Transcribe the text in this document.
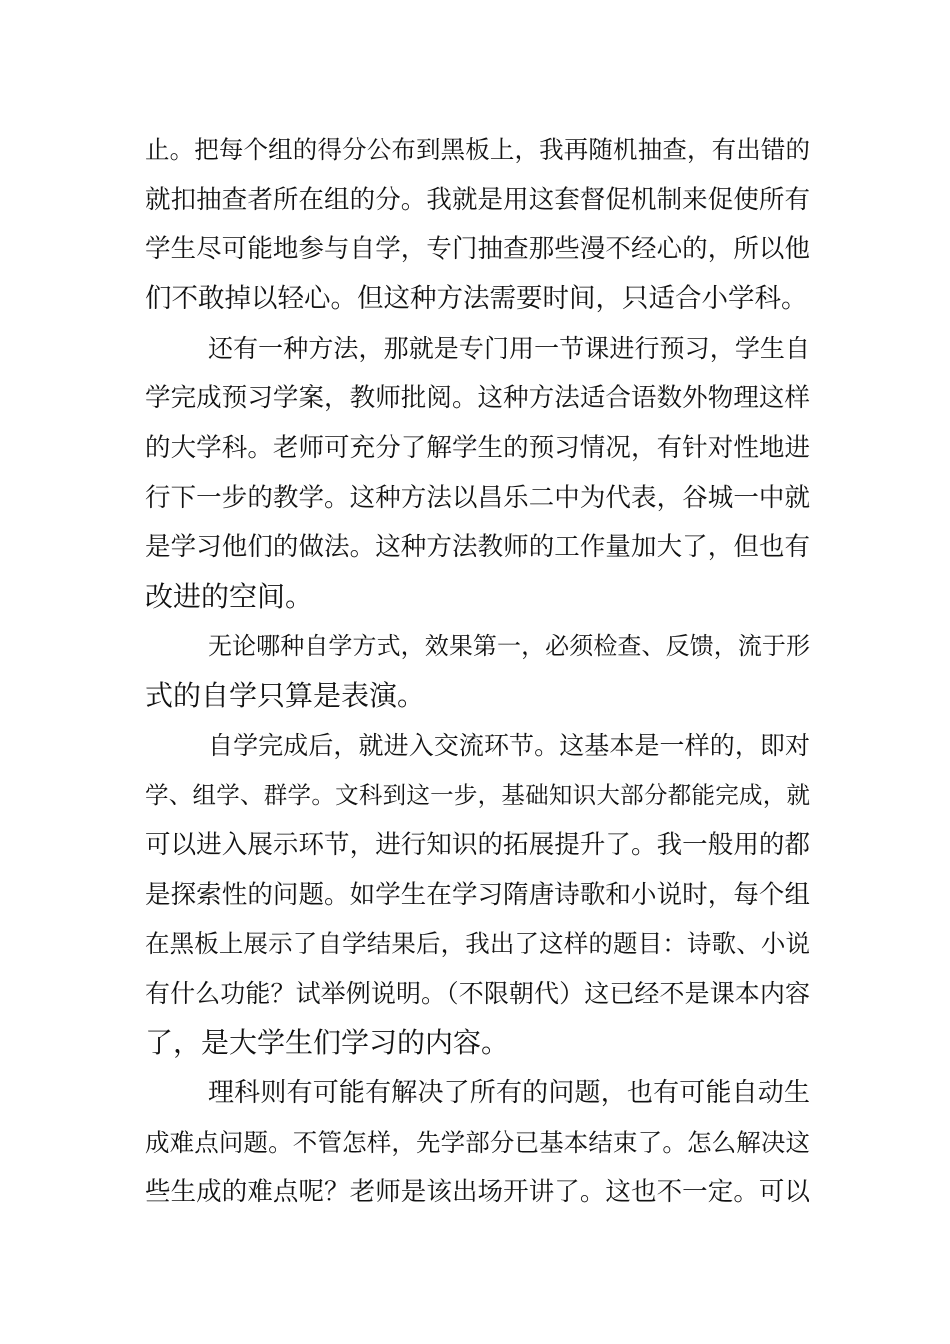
止。把每个组的得分公布到黑板上，我再随机抽查，有出错的
就扣抽查者所在组的分。我就是用这套督促机制来促使所有
学生尽可能地参与自学，专门抽查那些漫不经心的，所以他
们不敢掉以轻心。但这种方法需要时间，只适合小学科。
还有一种方法，那就是专门用一节课进行预习，学生自
学完成预习学案，教师批阅。这种方法适合语数外物理这样
的大学科。老师可充分了解学生的预习情况，有针对性地进
行下一步的教学。这种方法以昌乐二中为代表，谷城一中就
是学习他们的做法。这种方法教师的工作量加大了，但也有
改进的空间。
无论哪种自学方式，效果第一，必须检查、反馈，流于形
式的自学只算是表演。
自学完成后，就进入交流环节。这基本是一样的，即对
学、组学、群学。文科到这一步，基础知识大部分都能完成，就
可以进入展示环节，进行知识的拓展提升了。我一般用的都
是探索性的问题。如学生在学习隋唐诗歌和小说时，每个组
在黑板上展示了自学结果后，我出了这样的题目：诗歌、小说
有什么功能？试举例说明。（不限朝代）这已经不是课本内容
了，是大学生们学习的内容。
理科则有可能有解决了所有的问题，也有可能自动生
成难点问题。不管怎样，先学部分已基本结束了。怎么解决这
些生成的难点呢？老师是该出场开讲了。这也不一定。可以
